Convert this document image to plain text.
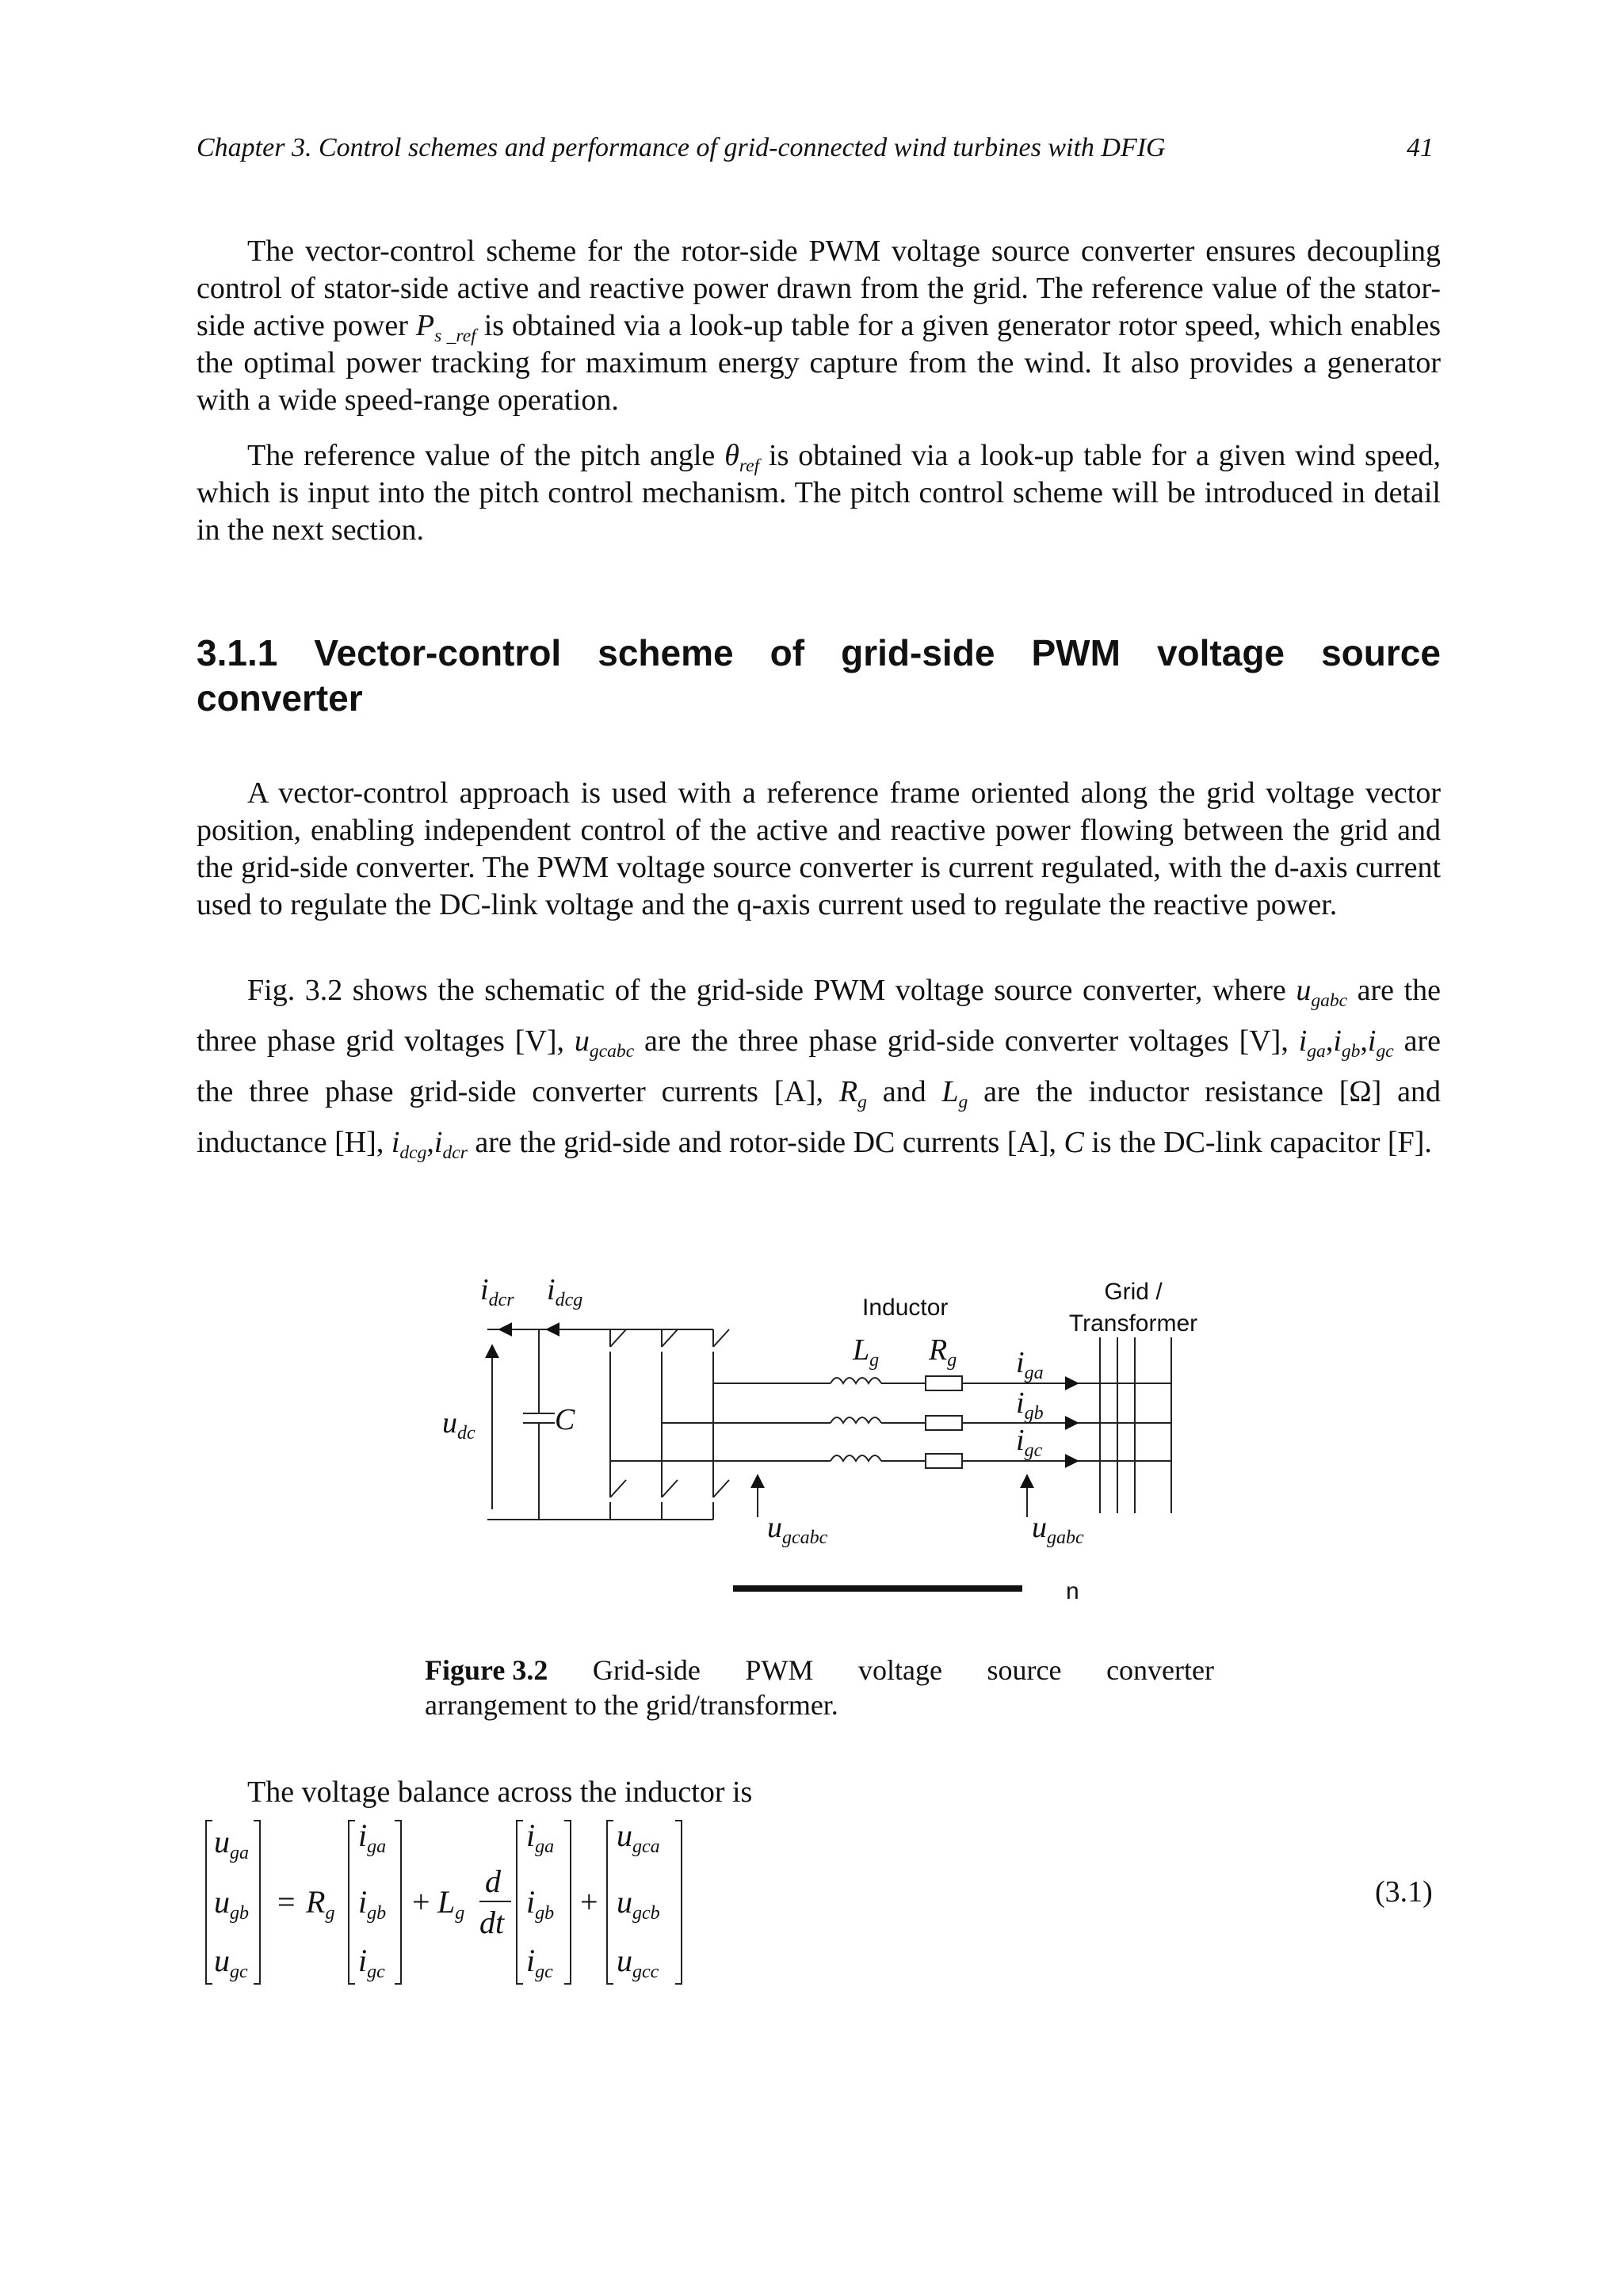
Chapter 3. Control schemes and performance of grid-connected wind turbines with DFIG	41

The vector-control scheme for the rotor-side PWM voltage source converter ensures decoupling control of stator-side active and reactive power drawn from the grid. The reference value of the stator-side active power $P_{s \_ref}$ is obtained via a look-up table for a given generator rotor speed, which enables the optimal power tracking for maximum energy capture from the wind. It also provides a generator with a wide speed-range operation.

The reference value of the pitch angle $\theta_{ref}$ is obtained via a look-up table for a given wind speed, which is input into the pitch control mechanism. The pitch control scheme will be introduced in detail in the next section.

3.1.1 Vector-control scheme of grid-side PWM voltage source
converter

A vector-control approach is used with a reference frame oriented along the grid voltage vector position, enabling independent control of the active and reactive power flowing between the grid and the grid-side converter. The PWM voltage source converter is current regulated, with the d-axis current used to regulate the DC-link voltage and the q-axis current used to regulate the reactive power.

Fig. 3.2 shows the schematic of the grid-side PWM voltage source converter, where $u_{gabc}$ are the three phase grid voltages [V], $u_{gcabc}$ are the three phase grid-side converter voltages [V], $i_{ga},i_{gb},i_{gc}$ are the three phase grid-side converter currents [A], $R_g$ and $L_g$ are the inductor resistance [Ω] and inductance [H], $i_{dcg},i_{dcr}$ are the grid-side and rotor-side DC currents [A], C is the DC-link capacitor [F].

$i_{dcr}$ $i_{dcg}$
$u_{dc}$	C
$L_g$ $R_g$ $i_{ga}$
$i_{gb}$
$i_{gc}$
$u_{gcabc}$	$u_{gabc}$
Inductor
Grid /
Transformer
n
Figure 3.2 Grid-side PWM voltage source converter
arrangement to the grid/transformer.
The voltage balance across the inductor is
$u_{ga}$
$u_{gb}$
$u_{gc}$
= $R_g$
$i_{ga}$
$i_{gb}$
$i_{gc}$
+ $L_g$
d
dt
$i_{ga}$
$i_{gb}$
$i_{gc}$
+
$u_{gca}$
$u_{gcb}$
$u_{gcc}$
(3.1)
